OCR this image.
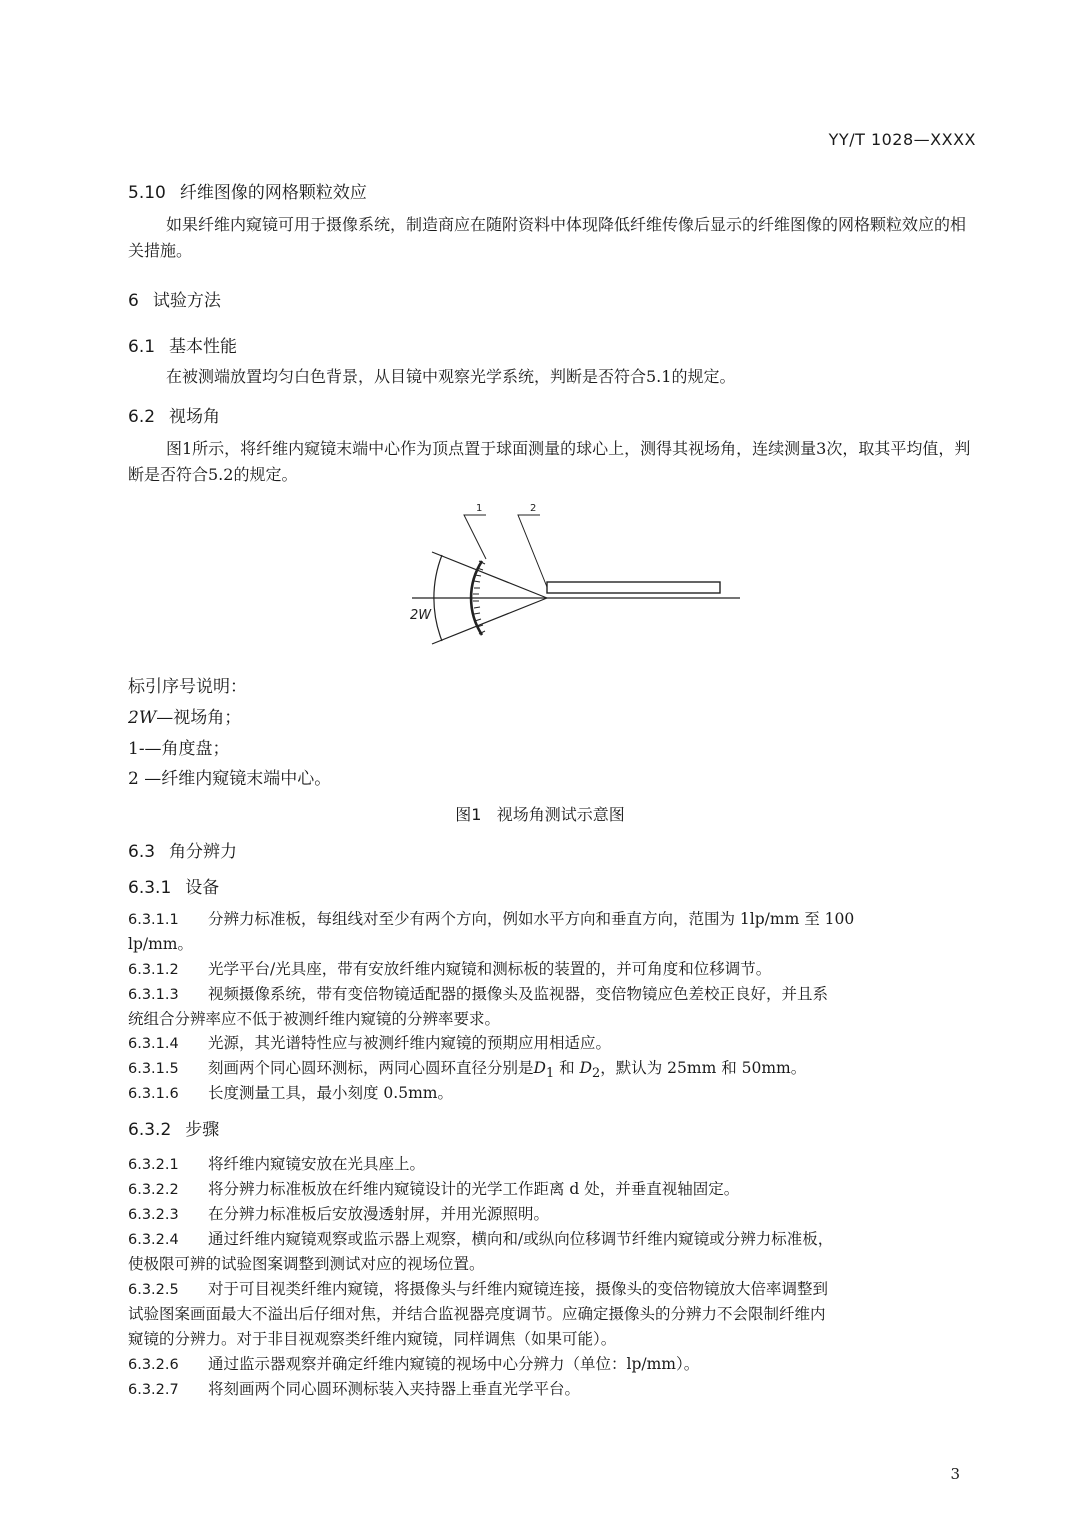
YY/T 1028—XXXX
5.10 纤维图像的网格颗粒效应
如果纤维内窥镜可用于摄像系统，制造商应在随附资料中体现降低纤维传像后显示的纤维图像的网格颗粒效应的相关措施。
6 试验方法
6.1 基本性能
在被测端放置均匀白色背景，从目镜中观察光学系统，判断是否符合5.1的规定。
6.2 视场角
图1所示，将纤维内窥镜末端中心作为顶点置于球面测量的球心上，测得其视场角，连续测量3次，取其平均值，判断是否符合5.2的规定。
1	2
2W
标引序号说明：
2W—视场角；
1-—角度盘；
2 —纤维内窥镜末端中心。
图1 视场角测试示意图
6.3 角分辨力
6.3.1 设备
6.3.1.1 分辨力标准板，每组线对至少有两个方向，例如水平方向和垂直方向，范围为 1lp/mm 至 100
lp/mm。
6.3.1.2 光学平台/光具座，带有安放纤维内窥镜和测标板的装置的，并可角度和位移调节。
6.3.1.3 视频摄像系统，带有变倍物镜适配器的摄像头及监视器，变倍物镜应色差校正良好，并且系
统组合分辨率应不低于被测纤维内窥镜的分辨率要求。
6.3.1.4 光源，其光谱特性应与被测纤维内窥镜的预期应用相适应。
6.3.1.5 刻画两个同心圆环测标，两同心圆环直径分别是$D_1$ 和 $D_2$，默认为 25mm 和 50mm。
6.3.1.6 长度测量工具，最小刻度 0.5mm。
6.3.2 步骤
6.3.2.1 将纤维内窥镜安放在光具座上。
6.3.2.2 将分辨力标准板放在纤维内窥镜设计的光学工作距离 d 处，并垂直视轴固定。
6.3.2.3 在分辨力标准板后安放漫透射屏，并用光源照明。
6.3.2.4 通过纤维内窥镜观察或监示器上观察，横向和/或纵向位移调节纤维内窥镜或分辨力标准板，
使极限可辨的试验图案调整到测试对应的视场位置。
6.3.2.5 对于可目视类纤维内窥镜，将摄像头与纤维内窥镜连接，摄像头的变倍物镜放大倍率调整到
试验图案画面最大不溢出后仔细对焦，并结合监视器亮度调节。应确定摄像头的分辨力不会限制纤维内
窥镜的分辨力。对于非目视观察类纤维内窥镜，同样调焦（如果可能）。
6.3.2.6 通过监示器观察并确定纤维内窥镜的视场中心分辨力（单位：lp/mm）。
6.3.2.7 将刻画两个同心圆环测标装入夹持器上垂直光学平台。
3
